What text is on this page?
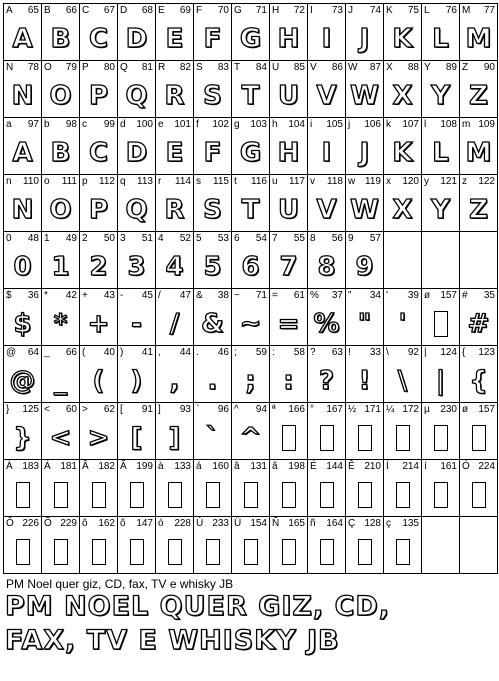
A 65
A
B 66
B
C 67
C
D 68
D
E 69
E
F 70
F
G 71
G
H 72
H
I 73
I
J 74
J
K 75
K
L 76
L
M 77
M
N 78
N
O 79
O
P 80
P
Q 81
Q
R 82
R
S 83
S
T 84
T
U 85
U
V 86
V
W 87
W
X 88
X
Y 89
Y
Z 90
Z
a 97
A
b 98
B
c 99
C
d 100
D
e 101
E
f 102
F
g 103
G
h 104
H
i 105
I
j 106
J
k 107
K
l 108
L
m 109
M
n 110
N
o 111
O
p 112
P
q 113
Q
r 114
R
s 115
S
t 116
T
u 117
U
v 118
V
w 119
W
x 120
X
y 121
Y
z 122
Z
0 48
0
1 49
1
2 50
2
3 51
3
4 52
4
5 53
5
6 54
6
7 55
7
8 56
8
9 57
9
$ 36
$
* 42
*
+ 43
+
- 45
-
/ 47
/
& 38
&
~ 71
~
= 61
=
% 37
%
" 34
"
' 39
'
ø 157 # 35
#
@ 64
@
_ 66
_
( 40
(
) 41
)
, 44
,
. 46
.
; 59
;
: 58
:
? 63
?
! 33
!
\ 92
\
| 124
|
{ 123
{
} 125
}
< 60
<
> 62
>
[ 91
[
] 93
]
` 96
`
^ 94
^
ª 166 ° 167 ½ 171 ¼ 172 µ 230 ø 157
À 183 Á 181 Â 182 Ã 199 à 133 á 160 â 131 ã 198 É 144 Ê 210 Í 214 í 161 Ó 224
Ô 226 Õ 229 ô 162 õ 147 ó 228 Ú 233 Ü 154 Ñ 165 ñ 164 Ç 128 ç 135
PM Noel quer giz, CD, fax, TV e whisky JB
PM NOEL QUER GIZ, CD,
FAX, TV E WHISKY JB
